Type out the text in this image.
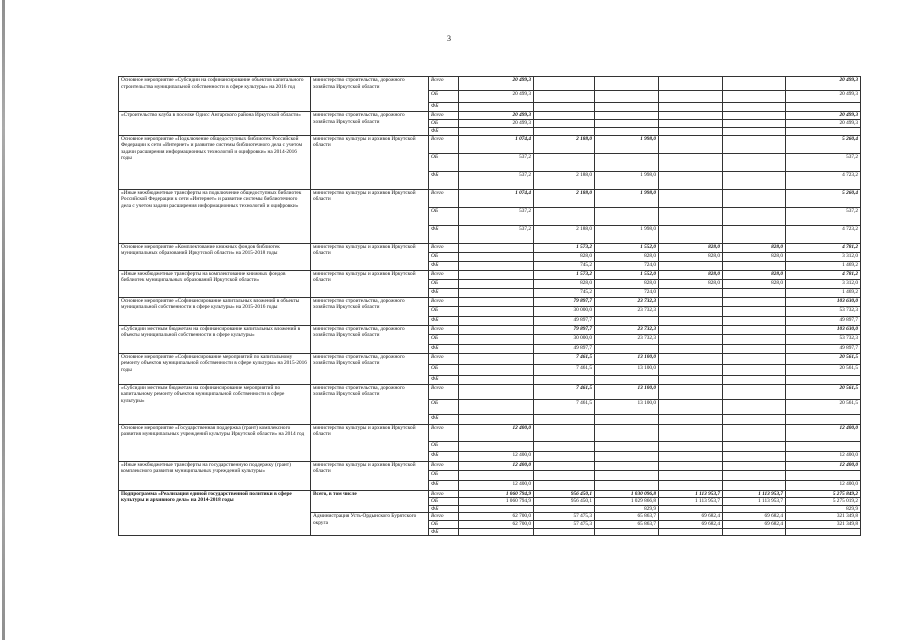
3
Основное мероприятие «Субсидии на софинансирование объектов капитального строительства муниципальной собственности в сфере культуры» на 2016 год	министерство строительства, дорожного хозяйства Иркутской области	Всего	20 499,3					20 499,3
		ОБ	20 499,3					20 499,3
		ФБ						
«Строительство клуба в поселке Одисс Ангарского района Иркутской области»	министерство строительства, дорожного хозяйства Иркутской области	Всего	20 499,3					20 499,3
		ОБ	20 499,3					20 499,3
		ФБ						
Основное мероприятие «Подключение общедоступных библиотек Российской Федерации к сети «Интернет» и развитие системы библиотечного дела с учетом задачи расширения информационных технологий и оцифровки» на 2014-2016 годы	министерство культуры и архивов Иркутской области	Всего	1 074,4	2 188,0	1 998,0			5 260,4
		ОБ	537,2					537,2
		ФБ	537,2	2 188,0	1 998,0			4 723,2
«Иные межбюджетные трансферты на подключение общедоступных библиотек Российской Федерации к сети «Интернет» и развитие системы библиотечного дела с учетом задачи расширения информационных технологий и оцифровки»	министерство культуры и архивов Иркутской области	Всего	1 074,4	2 188,0	1 998,0			5 260,4
		ОБ	537,2					537,2
		ФБ	537,2	2 188,0	1 998,0			4 723,2
Основное мероприятие «Комплектование книжных фондов библиотек муниципальных образований Иркутской области» на 2015-2018 годы	министерство культуры и архивов Иркутской области	Всего		1 573,2	1 552,0	828,0	828,0	4 781,2
		ОБ		828,0	828,0	828,0	828,0	3 312,0
		ФБ		745,2	724,0			1 469,2
«Иные межбюджетные трансферты на комплектование книжных фондов библиотек муниципальных образований Иркутской области»	министерство культуры и архивов Иркутской области	Всего		1 573,2	1 552,0	828,0	828,0	4 781,2
		ОБ		828,0	828,0	828,0	828,0	3 312,0
		ФБ		745,2	724,0			1 469,2
Основное мероприятие «Софинансирование капитальных вложений в объекты муниципальной собственности в сфере культуры» на 2015-2016 годы	министерство строительства, дорожного хозяйства Иркутской области	Всего		79 897,7	23 732,3			103 630,0
		ОБ		30 000,0	23 732,3			53 732,3
		ФБ		49 897,7				49 897,7
«Субсидии местным бюджетам на софинансирование капитальных вложений в объекты муниципальной собственности в сфере культуры»	министерство строительства, дорожного хозяйства Иркутской области	Всего		79 897,7	23 732,3			103 630,0
		ОБ		30 000,0	23 732,3			53 732,3
		ФБ		49 897,7				49 897,7
Основное мероприятие «Софинансирование мероприятий по капитальному ремонту объектов муниципальной собственности в сфере культуры» на 2015-2016 годы	министерство строительства, дорожного хозяйства Иркутской области	Всего		7 461,5	13 100,0			20 561,5
		ОБ		7 461,5	13 100,0			20 561,5
		ФБ						
«Субсидии местным бюджетам на софинансирование мероприятий по капитальному ремонту объектов муниципальной собственности в сфере культуры»	министерство строительства, дорожного хозяйства Иркутской области	Всего		7 461,5	13 100,0			20 561,5
		ОБ		7 461,5	13 100,0			20 561,5
		ФБ						
Основное мероприятие «Государственная поддержка (грант) комплексного развития муниципальных учреждений культуры Иркутской области» на 2014 год	министерство культуры и архивов Иркутской области	Всего	12 400,0					12 400,0
		ОБ						
		ФБ	12 400,0					12 400,0
«Иные межбюджетные трансферты на государственную поддержку (грант) комплексного развития муниципальных учреждений культуры»	министерство культуры и архивов Иркутской области	Всего	12 400,0					12 400,0
		ОБ						
		ФБ	12 400,0					12 400,0
Подпрограмма «Реализация единой государственной политики в сфере культуры и архивного дела» на 2014-2018 годы	Всего, в том числе	Всего	1 060 794,9	956 450,1	1 030 096,8	1 113 953,7	1 113 953,7	5 275 849,2
		ОБ	1 060 794,9	956 450,1	1 029 866,8	1 113 953,7	1 113 953,7	5 275 019,2
		ФБ			829,9			829,9
	Администрация Усть-Ордынского Бурятского округа	Всего	62 700,0	57 475,3	65 863,7	69 682,4	69 682,4	321 349,8
		ОБ	62 700,0	57 475,3	65 863,7	69 682,4	69 682,4	321 349,8
		ФБ						
